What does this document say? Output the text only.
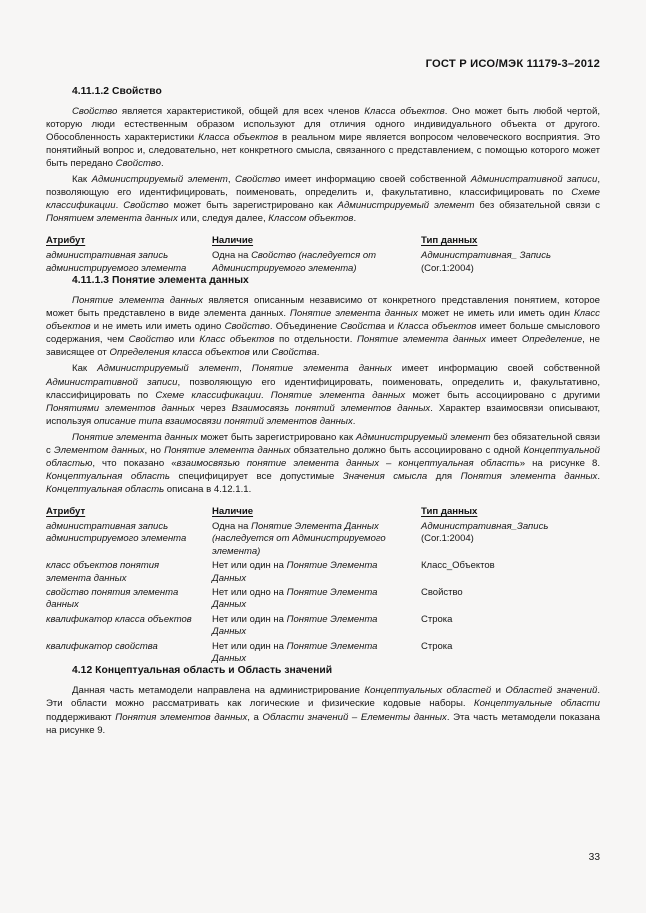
ГОСТ Р ИСО/МЭК 11179-3–2012
4.11.1.2 Свойство

Свойство является характеристикой, общей для всех членов Класса объектов. Оно может быть любой чертой, которую люди естественным образом используют для отличия одного индивидуального объекта от другого. Обособленность характеристики Класса объектов в реальном мире является вопросом человеческого восприятия. Это понятийный вопрос и, следовательно, нет конкретного смысла, связанного с представлением, с помощью которого может быть передано Свойство.

Как Администрируемый элемент, Свойство имеет информацию своей собственной Административной записи, позволяющую его идентифицировать, поименовать, определить и, факультативно, классифицировать по Схеме классификации. Свойство может быть зарегистрировано как Администрируемый элемент без обязательной связи с Понятием элемента данных или, следуя далее, Классом объектов.

Атрибут	Наличие	Тип данных
административная запись администрируемого элемента	Одна на Свойство (наследуется от Администрируемого элемента)	Административная_ Запись
(Cor.1:2004)
4.11.1.3 Понятие элемента данных

Понятие элемента данных является описанным независимо от конкретного представления понятием, которое может быть представлено в виде элемента данных. Понятие элемента данных может не иметь или иметь один Класс объектов и не иметь или иметь одино Свойство. Объединение Свойства и Класса объектов имеет больше смыслового содержания, чем Свойство или Класс объектов по отдельности. Понятие элемента данных имеет Определение, не зависящее от Определения класса объектов или Свойства.

Как Администрируемый элемент, Понятие элемента данных имеет информацию своей собственной Административной записи, позволяющую его идентифицировать, поименовать, определить и, факультативно, классифицировать по Схеме классификации. Понятие элемента данных может быть ассоциировано с другими Понятиями элементов данных через Взаимосвязь понятий элементов данных. Характер взаимосвязи описывают, используя описание типа взаимосвязи понятий элементов данных.

Понятие элемента данных может быть зарегистрировано как Администрируемый элемент без обязательной связи с Элементом данных, но Понятие элемента данных обязательно должно быть ассоциировано с одной Концептуальной областью, что показано «взаимосвязью понятие элемента данных – концептуальная область» на рисунке 8. Концептуальная область специфицирует все допустимые Значения смысла для Понятия элемента данных. Концептуальная область описана в 4.12.1.1.

Атрибут	Наличие	Тип данных
административная запись администрируемого элемента	Одна на Понятие Элемента Данных (наследуется от Администрируемого элемента)	Административная_Запись
(Cor.1:2004)
класс объектов понятия элемента данных	Нет или один на Понятие Элемента Данных	Класс_Объектов
свойство понятия элемента данных	Нет или одно на Понятие Элемента Данных	Свойство
квалификатор класса объектов	Нет или один на Понятие Элемента Данных	Строка
квалификатор свойства	Нет или один на Понятие Элемента Данных	Строка
4.12 Концептуальная область и Область значений

Данная часть метамодели направлена на администрирование Концептуальных областей и Областей значений. Эти области можно рассматривать как логические и физические кодовые наборы. Концептуальные области поддерживают Понятия элементов данных, а Области значений – Елементы данных. Эта часть метамодели показана на рисунке 9.

33
